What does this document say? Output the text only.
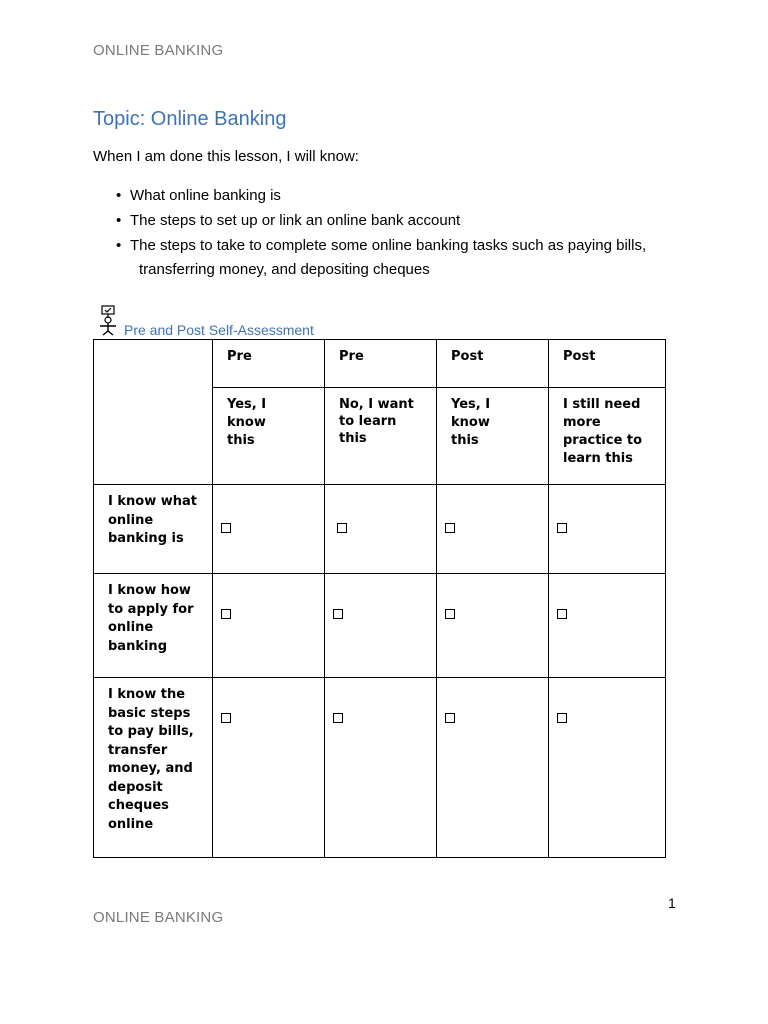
ONLINE BANKING
Topic: Online Banking
When I am done this lesson, I will know:
• What online banking is
• The steps to set up or link an online bank account
• The steps to take to complete some online banking tasks such as paying bills,
transferring money, and depositing cheques
Pre and Post Self-Assessment

	Pre	Pre	Post	Post

	Yes, I know this	No, I want to learn this	Yes, I know this	I still need more practice to learn this

I know what online banking is				

I know how to apply for online banking				

I know the basic steps to pay bills, transfer money, and deposit cheques online				

1
ONLINE BANKING
